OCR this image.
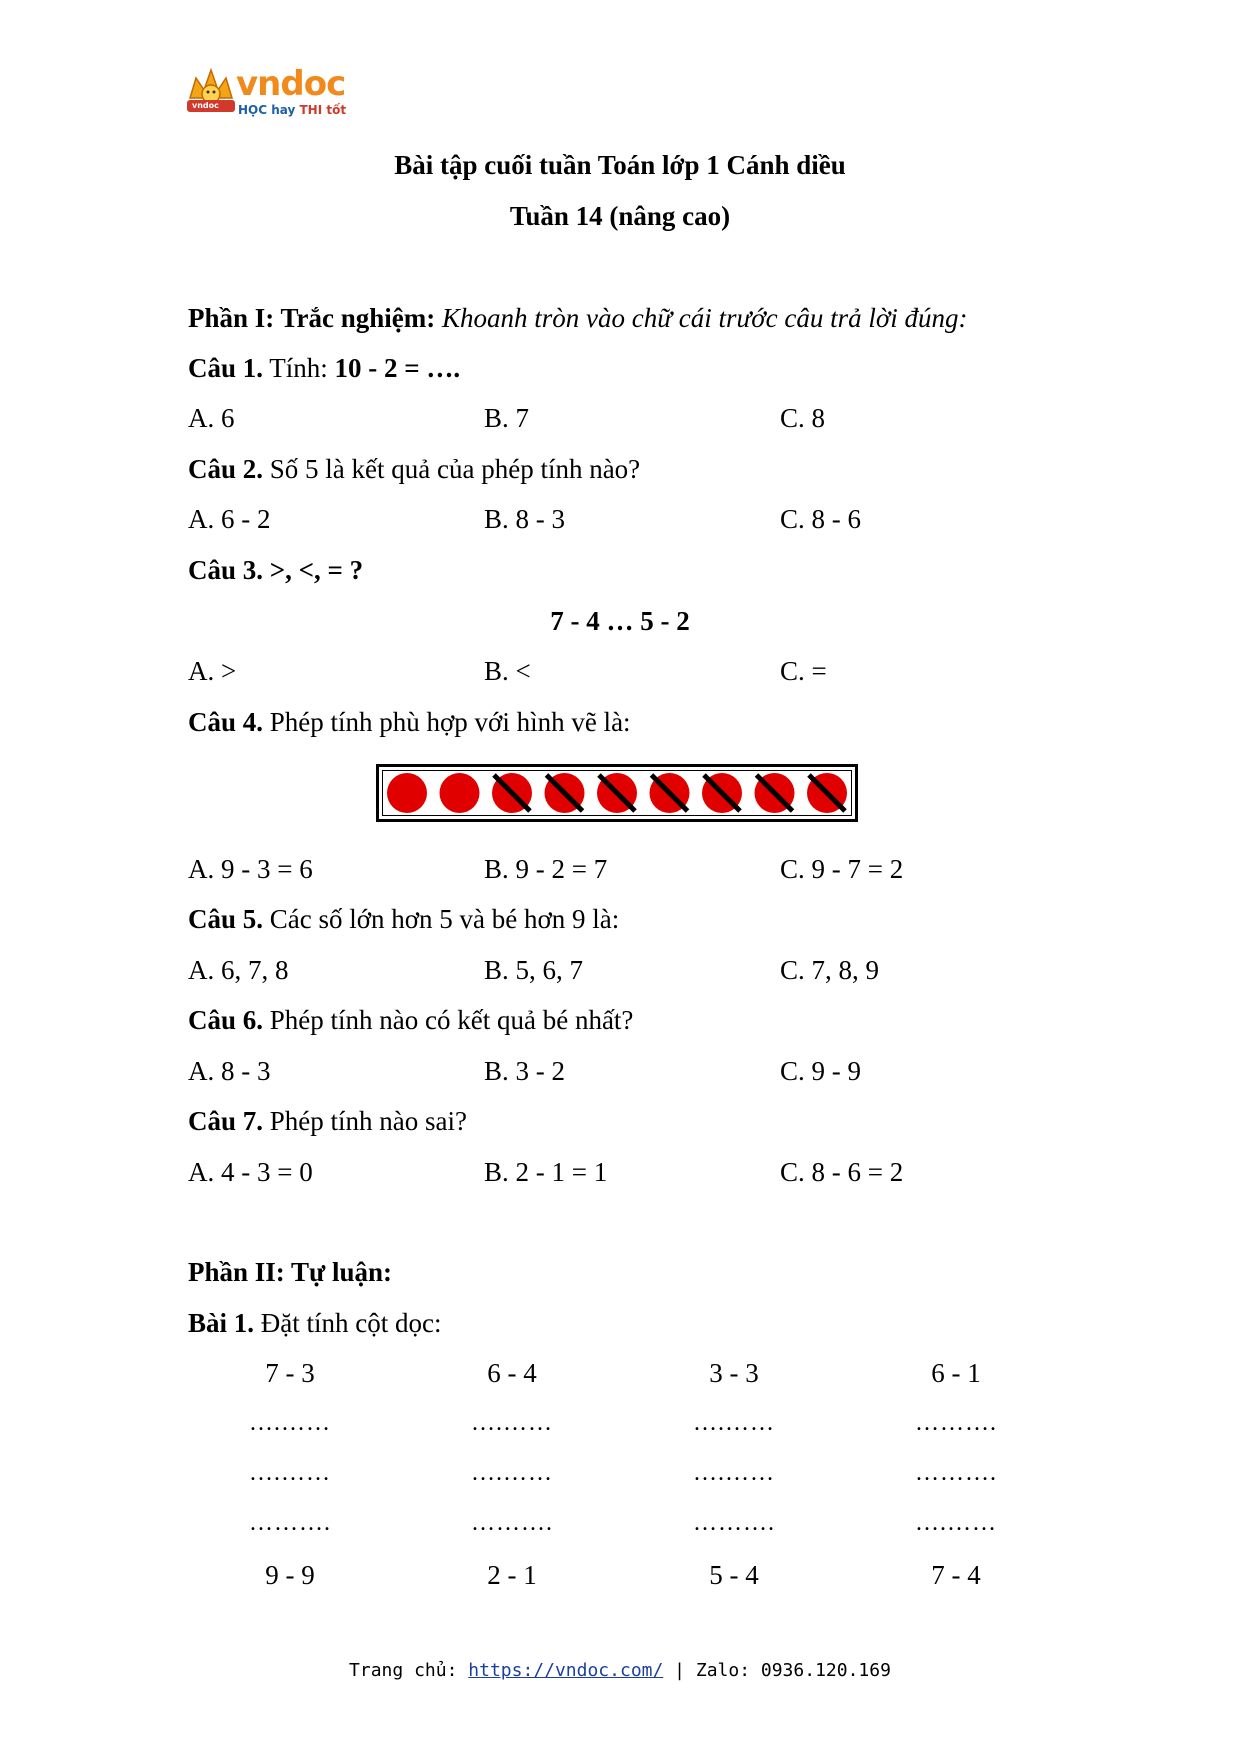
vndoc
vndoc
HỌC hay THI tốt
Bài tập cuối tuần Toán lớp 1 Cánh diều
Tuần 14 (nâng cao)
Phần I: Trắc nghiệm: Khoanh tròn vào chữ cái trước câu trả lời đúng:
Câu 1. Tính: 10 - 2 = ….
A. 6	B. 7	C. 8
Câu 2. Số 5 là kết quả của phép tính nào?
A. 6 - 2	B. 8 - 3	C. 8 - 6
Câu 3. >, <, = ?
7 - 4 … 5 - 2
A. >	B. <	C. =
Câu 4. Phép tính phù hợp với hình vẽ là:
A. 9 - 3 = 6	B. 9 - 2 = 7	C. 9 - 7 = 2
Câu 5. Các số lớn hơn 5 và bé hơn 9 là:
A. 6, 7, 8	B. 5, 6, 7	C. 7, 8, 9
Câu 6. Phép tính nào có kết quả bé nhất?
A. 8 - 3	B. 3 - 2	C. 9 - 9
Câu 7. Phép tính nào sai?
A. 4 - 3 = 0	B. 2 - 1 = 1	C. 8 - 6 = 2
Phần II: Tự luận:
Bài 1. Đặt tính cột dọc:
7 - 3	6 - 4	3 - 3	6 - 1
….……	….……	….……	……….
….……	….……	….……	……….
……….	……….	……….	….……
9 - 9	2 - 1	5 - 4	7 - 4
Trang chủ: https://vndoc.com/ | Zalo: 0936.120.169
